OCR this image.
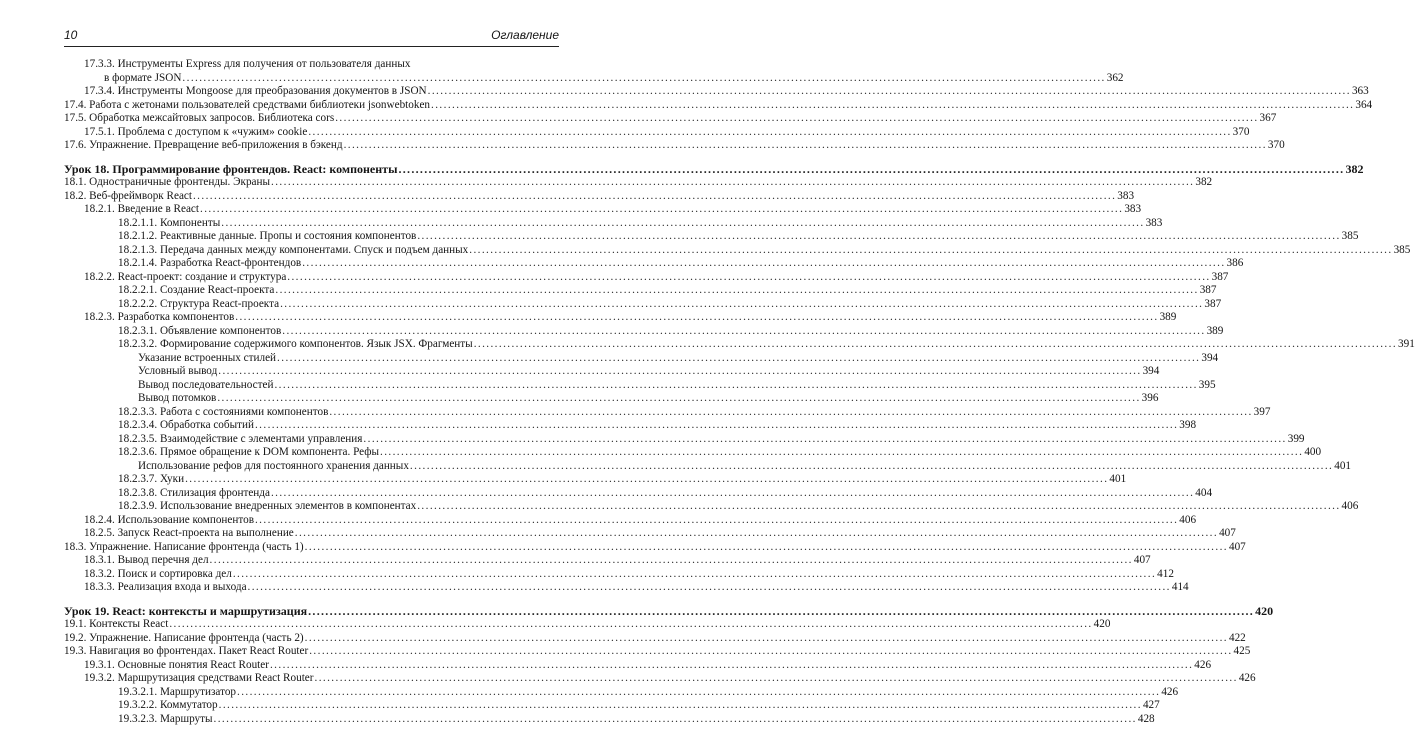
10	Оглавление
17.3.3. Инструменты Express для получения от пользователя данных
в формате JSON ............................................................................................................................................................................................................................ 362
17.3.4. Инструменты Mongoose для преобразования документов в JSON ............................................................................................................................................................................................................................ 363
17.4. Работа с жетонами пользователей средствами библиотеки jsonwebtoken ............................................................................................................................................................................................................................ 364
17.5. Обработка межсайтовых запросов. Библиотека cors ............................................................................................................................................................................................................................ 367
17.5.1. Проблема с доступом к «чужим» cookie ............................................................................................................................................................................................................................ 370
17.6. Упражнение. Превращение веб-приложения в бэкенд ............................................................................................................................................................................................................................ 370
Урок 18. Программирование фронтендов. React: компоненты ............................................................................................................................................................................................................................ 382
18.1. Одностраничные фронтенды. Экраны ............................................................................................................................................................................................................................ 382
18.2. Веб-фреймворк React ............................................................................................................................................................................................................................ 383
18.2.1. Введение в React ............................................................................................................................................................................................................................ 383
18.2.1.1. Компоненты ............................................................................................................................................................................................................................ 383
18.2.1.2. Реактивные данные. Пропы и состояния компонентов ............................................................................................................................................................................................................................ 385
18.2.1.3. Передача данных между компонентами. Спуск и подъем данных ............................................................................................................................................................................................................................ 385
18.2.1.4. Разработка React-фронтендов ............................................................................................................................................................................................................................ 386
18.2.2. React-проект: создание и структура ............................................................................................................................................................................................................................ 387
18.2.2.1. Создание React-проекта ............................................................................................................................................................................................................................ 387
18.2.2.2. Структура React-проекта ............................................................................................................................................................................................................................ 387
18.2.3. Разработка компонентов ............................................................................................................................................................................................................................ 389
18.2.3.1. Объявление компонентов ............................................................................................................................................................................................................................ 389
18.2.3.2. Формирование содержимого компонентов. Язык JSX. Фрагменты ............................................................................................................................................................................................................................ 391
Указание встроенных стилей ............................................................................................................................................................................................................................ 394
Условный вывод ............................................................................................................................................................................................................................ 394
Вывод последовательностей ............................................................................................................................................................................................................................ 395
Вывод потомков ............................................................................................................................................................................................................................ 396
18.2.3.3. Работа с состояниями компонентов ............................................................................................................................................................................................................................ 397
18.2.3.4. Обработка событий ............................................................................................................................................................................................................................ 398
18.2.3.5. Взаимодействие с элементами управления ............................................................................................................................................................................................................................ 399
18.2.3.6. Прямое обращение к DOM компонента. Рефы ............................................................................................................................................................................................................................ 400
Использование рефов для постоянного хранения данных ............................................................................................................................................................................................................................ 401
18.2.3.7. Хуки ............................................................................................................................................................................................................................ 401
18.2.3.8. Стилизация фронтенда ............................................................................................................................................................................................................................ 404
18.2.3.9. Использование внедренных элементов в компонентах ............................................................................................................................................................................................................................ 406
18.2.4. Использование компонентов ............................................................................................................................................................................................................................ 406
18.2.5. Запуск React-проекта на выполнение ............................................................................................................................................................................................................................ 407
18.3. Упражнение. Написание фронтенда (часть 1) ............................................................................................................................................................................................................................ 407
18.3.1. Вывод перечня дел ............................................................................................................................................................................................................................ 407
18.3.2. Поиск и сортировка дел ............................................................................................................................................................................................................................ 412
18.3.3. Реализация входа и выхода ............................................................................................................................................................................................................................ 414
Урок 19. React: контексты и маршрутизация ............................................................................................................................................................................................................................ 420
19.1. Контексты React ............................................................................................................................................................................................................................ 420
19.2. Упражнение. Написание фронтенда (часть 2) ............................................................................................................................................................................................................................ 422
19.3. Навигация во фронтендах. Пакет React Router ............................................................................................................................................................................................................................ 425
19.3.1. Основные понятия React Router ............................................................................................................................................................................................................................ 426
19.3.2. Маршрутизация средствами React Router ............................................................................................................................................................................................................................ 426
19.3.2.1. Маршрутизатор ............................................................................................................................................................................................................................ 426
19.3.2.2. Коммутатор ............................................................................................................................................................................................................................ 427
19.3.2.3. Маршруты ............................................................................................................................................................................................................................ 428
